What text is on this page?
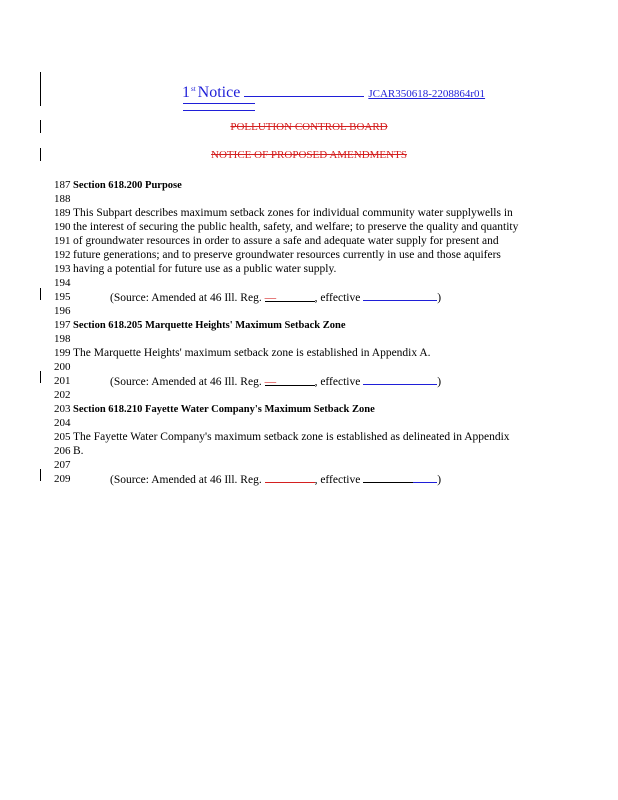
1st Notice	JCAR350618-2208864r01
POLLUTION CONTROL BOARD
NOTICE OF PROPOSED AMENDMENTS
187 Section 618.200 Purpose
188
189 This Subpart describes maximum setback zones for individual community water supplywells in
190 the interest of securing the public health, safety, and welfare; to preserve the quality and quantity
191 of groundwater resources in order to assure a safe and adequate water supply for present and
192 future generations; and to preserve groundwater resources currently in use and those aquifers
193 having a potential for future use as a public water supply.
194
195	(Source: Amended at 46 Ill. Reg. —	, effective	)
196
197 Section 618.205 Marquette Heights' Maximum Setback Zone
198
199 The Marquette Heights' maximum setback zone is established in Appendix A.
200
201	(Source: Amended at 46 Ill. Reg. —	, effective	)
202
203 Section 618.210 Fayette Water Company's Maximum Setback Zone
204
205 The Fayette Water Company's maximum setback zone is established as delineated in Appendix
206 B.
207
209	(Source: Amended at 46 Ill. Reg.	, effective	)
